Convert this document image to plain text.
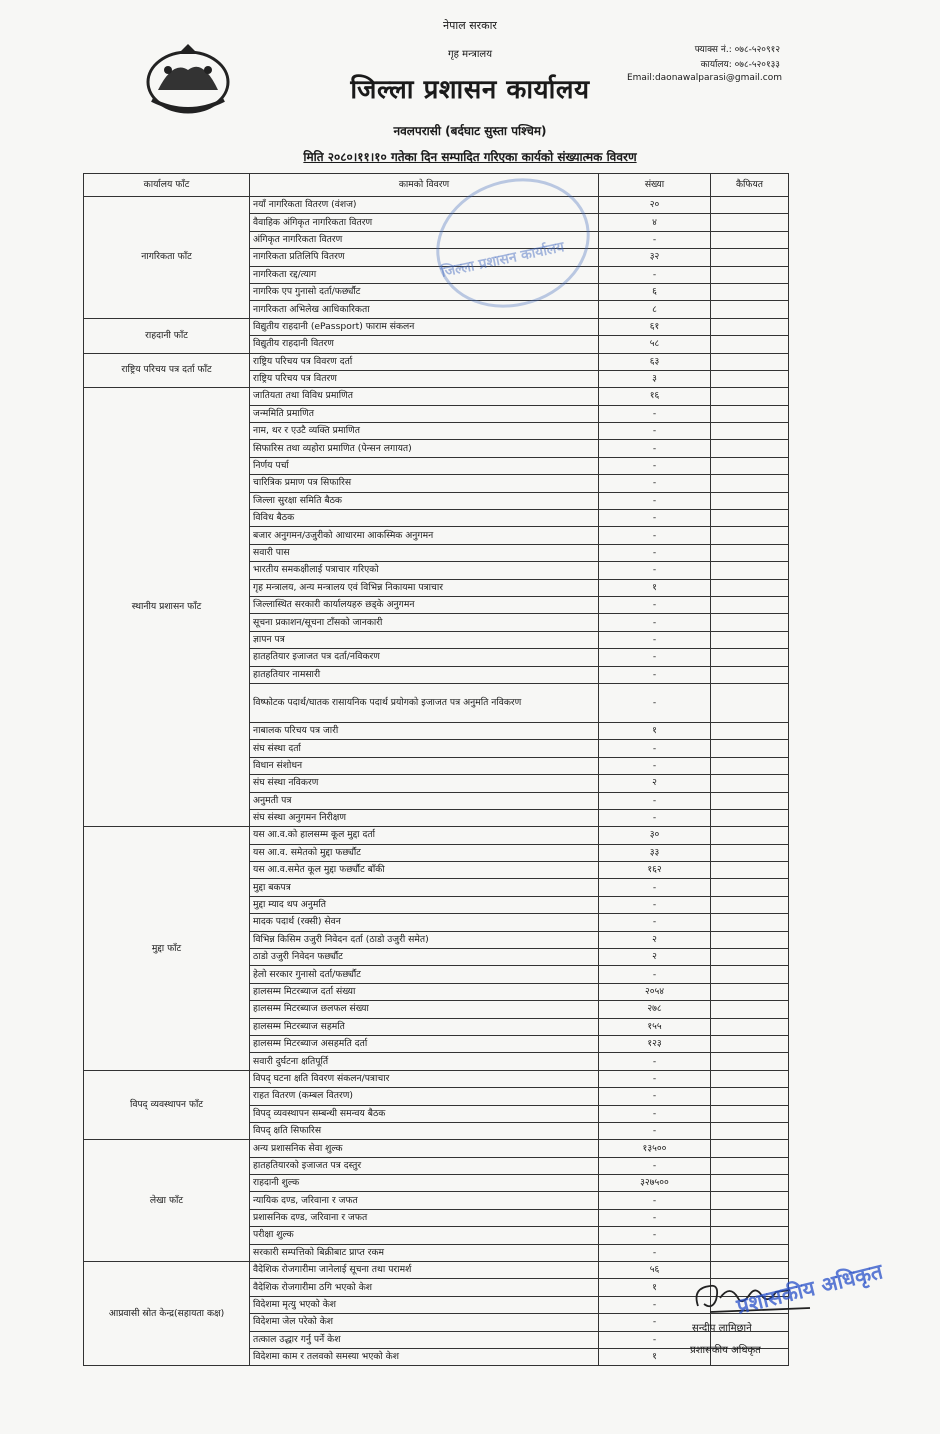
नेपाल सरकार
गृह मन्त्रालय
जिल्ला प्रशासन कार्यालय
नवलपरासी (बर्दघाट सुस्ता पश्चिम)
मिति २०८०।११।१० गतेका दिन सम्पादित गरिएका कार्यको संख्यात्मक विवरण
फ्याक्स नं.: ०७८-५२०९१२
कार्यालय: ०७८-५२०१३३
Email:daonawalparasi@gmail.com
कार्यालय फाँट	कामको विवरण	संख्या	कैफियत
नागरिकता फाँट	नयाँ नागरिकता वितरण (वंशज)	२०	
	वैवाहिक अंगिकृत नागरिकता वितरण	४	
	अंगिकृत नागरिकता वितरण	-	
	नागरिकता प्रतिलिपि वितरण	३२	
	नागरिकता रद्द/त्याग	-	
	नागरिक एप गुनासो दर्ता/फर्छ्यौट	६	
	नागरिकता अभिलेख आधिकारिकता	८	
राहदानी फाँट	विद्युतीय राहदानी (ePassport) फाराम संकलन	६१	
	विद्युतीय राहदानी वितरण	५८	
राष्ट्रिय परिचय पत्र दर्ता फाँट	राष्ट्रिय परिचय पत्र विवरण दर्ता	६३	
	राष्ट्रिय परिचय पत्र वितरण	३	
स्थानीय प्रशासन फाँट	जातियता तथा विविध प्रमाणित	१६	
	जन्ममिति प्रमाणित	-	
	नाम, थर र एउटै व्यक्ति प्रमाणित	-	
	सिफारिस तथा व्यहोरा प्रमाणित (पेन्सन लगायत)	-	
	निर्णय पर्चा	-	
	चारित्रिक प्रमाण पत्र सिफारिस	-	
	जिल्ला सुरक्षा समिति बैठक	-	
	विविध बैठक	-	
	बजार अनुगमन/उजुरीको आधारमा आकस्मिक अनुगमन	-	
	सवारी पास	-	
	भारतीय समकक्षीलाई पत्राचार गरिएको	-	
	गृह मन्त्रालय, अन्य मन्त्रालय एवं विभिन्न निकायमा पत्राचार	१	
	जिल्लास्थित सरकारी कार्यालयहरु छड्के अनुगमन	-	
	सूचना प्रकाशन/सूचना टाँसको जानकारी	-	
	ज्ञापन पत्र	-	
	हातहतियार इजाजत पत्र दर्ता/नविकरण	-	
	हातहतियार नामसारी	-	
	विष्फोटक पदार्थ/घातक रासायनिक पदार्थ प्रयोगको इजाजत पत्र अनुमति नविकरण	-	
	नाबालक परिचय पत्र जारी	१	
	संघ संस्था दर्ता	-	
	विधान संशोधन	-	
	संघ संस्था नविकरण	२	
	अनुमती पत्र	-	
	संघ संस्था अनुगमन निरीक्षण	-	
मुद्दा फाँट	यस आ.व.को हालसम्म कूल मुद्दा दर्ता	३०	
	यस आ.व. समेतको मुद्दा फर्छ्यौट	३३	
	यस आ.व.समेत कूल मुद्दा फर्छ्यौट बाँकी	१६२	
	मुद्दा बकपत्र	-	
	मुद्दा म्याद थप अनुमति	-	
	मादक पदार्थ (रक्सी) सेवन	-	
	विभिन्न किसिम उजुरी निवेदन दर्ता (ठाडो उजुरी समेत)	२	
	ठाडो उजुरी निवेदन फर्छ्यौट	२	
	हेलो सरकार गुनासो दर्ता/फर्छ्यौट	-	
	हालसम्म मिटरब्याज दर्ता संख्या	२०५४	
	हालसम्म मिटरब्याज छलफल संख्या	२७८	
	हालसम्म मिटरब्याज सहमति	१५५	
	हालसम्म मिटरब्याज असहमति दर्ता	१२३	
	सवारी दुर्घटना क्षतिपूर्ति	-	
विपद् व्यवस्थापन फाँट	विपद् घटना क्षति विवरण संकलन/पत्राचार	-	
	राहत वितरण (कम्बल वितरण)	-	
	विपद् व्यवस्थापन सम्बन्धी समन्वय बैठक	-	
	विपद् क्षति सिफारिस	-	
लेखा फाँट	अन्य प्रशासनिक सेवा शुल्क	१३५००	
	हातहतियारको इजाजत पत्र दस्तुर	-	
	राहदानी शुल्क	३२७५००	
	न्यायिक दण्ड, जरिवाना र जफत	-	
	प्रशासनिक दण्ड, जरिवाना र जफत	-	
	परीक्षा शुल्क	-	
	सरकारी सम्पत्तिको बिक्रीबाट प्राप्त रकम	-	
आप्रवासी स्रोत केन्द्र(सहायता कक्ष)	वैदेशिक रोजगारीमा जानेलाई सूचना तथा परामर्श	५६	
	वैदेशिक रोजगारीमा ठगि भएको केश	१	
	विदेशमा मृत्यु भएको केश	-	
	विदेशमा जेल परेको केश	-	
	तत्काल उद्धार गर्नु पर्ने केश	-	
	विदेशमा काम र तलवको समस्या भएको केश	१	
जिल्ला प्रशासन कार्यालय
प्रशासकीय अधिकृत
सन्दीप लामिछाने
प्रशासकीय अधिकृत
